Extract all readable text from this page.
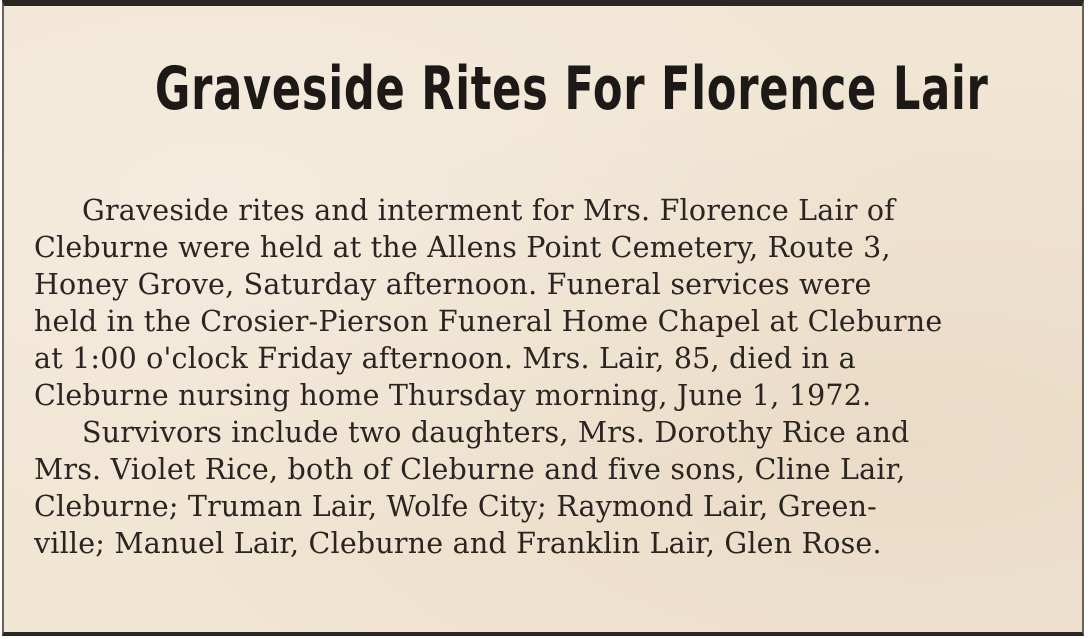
Graveside Rites For Florence Lair
Graveside rites and interment for Mrs. Florence Lair of
Cleburne were held at the Allens Point Cemetery, Route 3,
Honey Grove, Saturday afternoon. Funeral services were
held in the Crosier-Pierson Funeral Home Chapel at Cleburne
at 1:00 o'clock Friday afternoon. Mrs. Lair, 85, died in a
Cleburne nursing home Thursday morning, June 1, 1972.
Survivors include two daughters, Mrs. Dorothy Rice and
Mrs. Violet Rice, both of Cleburne and five sons, Cline Lair,
Cleburne; Truman Lair, Wolfe City; Raymond Lair, Green-
ville; Manuel Lair, Cleburne and Franklin Lair, Glen Rose.
